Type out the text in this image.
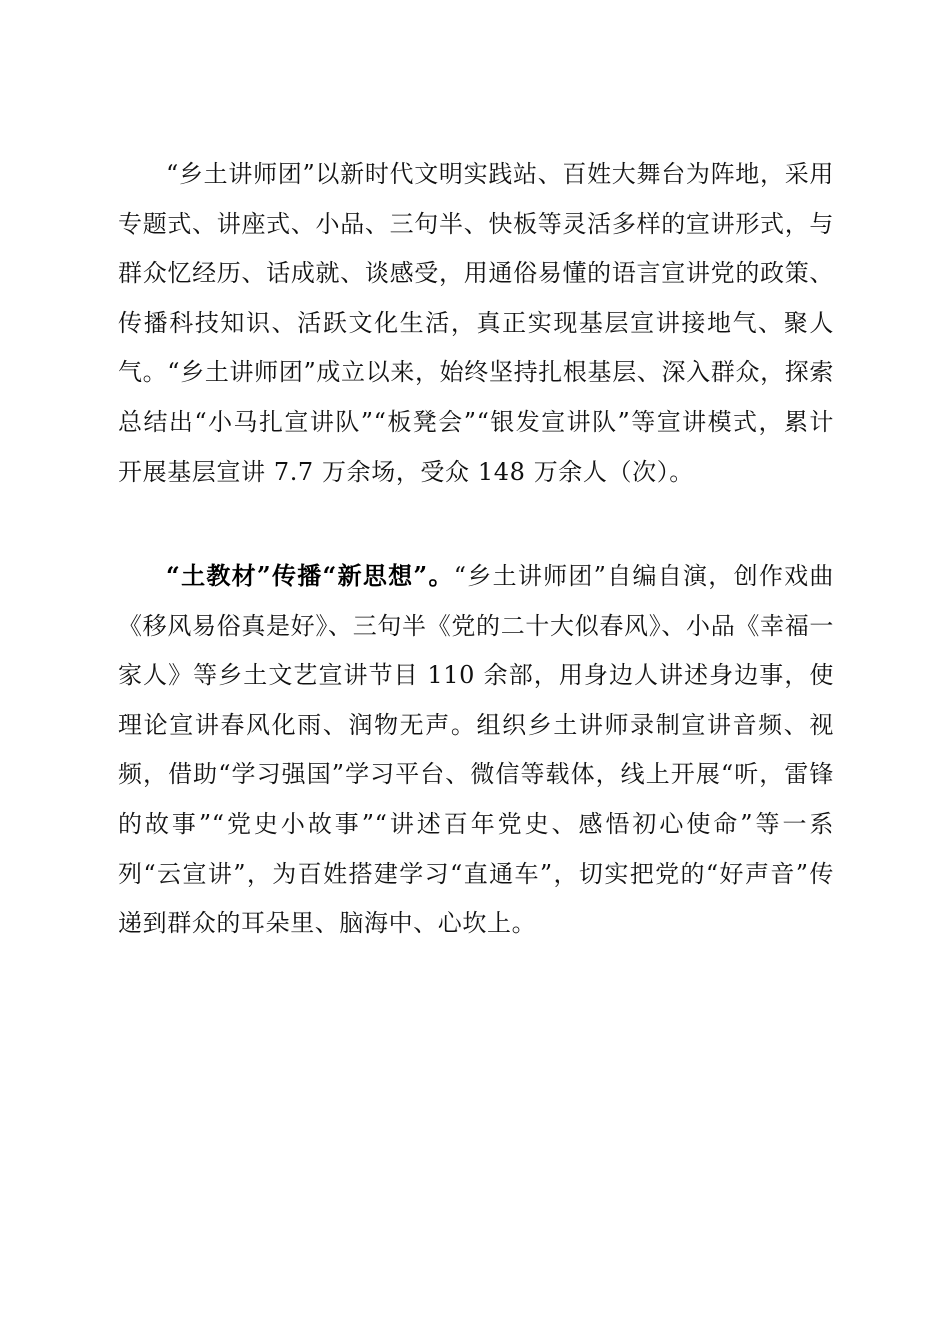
“乡土讲师团”以新时代文明实践站、百姓大舞台为阵地，采用专题式、讲座式、小品、三句半、快板等灵活多样的宣讲形式，与群众忆经历、话成就、谈感受，用通俗易懂的语言宣讲党的政策、传播科技知识、活跃文化生活，真正实现基层宣讲接地气、聚人气。“乡土讲师团”成立以来，始终坚持扎根基层、深入群众，探索总结出“小马扎宣讲队”“板凳会”“银发宣讲队”等宣讲模式，累计开展基层宣讲 7.7 万余场，受众 148 万余人（次）。

“土教材”传播“新思想”。“乡土讲师团”自编自演，创作戏曲《移风易俗真是好》、三句半《党的二十大似春风》、小品《幸福一家人》等乡土文艺宣讲节目 110 余部，用身边人讲述身边事，使理论宣讲春风化雨、润物无声。组织乡土讲师录制宣讲音频、视频，借助“学习强国”学习平台、微信等载体，线上开展“听，雷锋的故事”“党史小故事”“讲述百年党史、感悟初心使命”等一系列“云宣讲”，为百姓搭建学习“直通车”，切实把党的“好声音”传递到群众的耳朵里、脑海中、心坎上。
